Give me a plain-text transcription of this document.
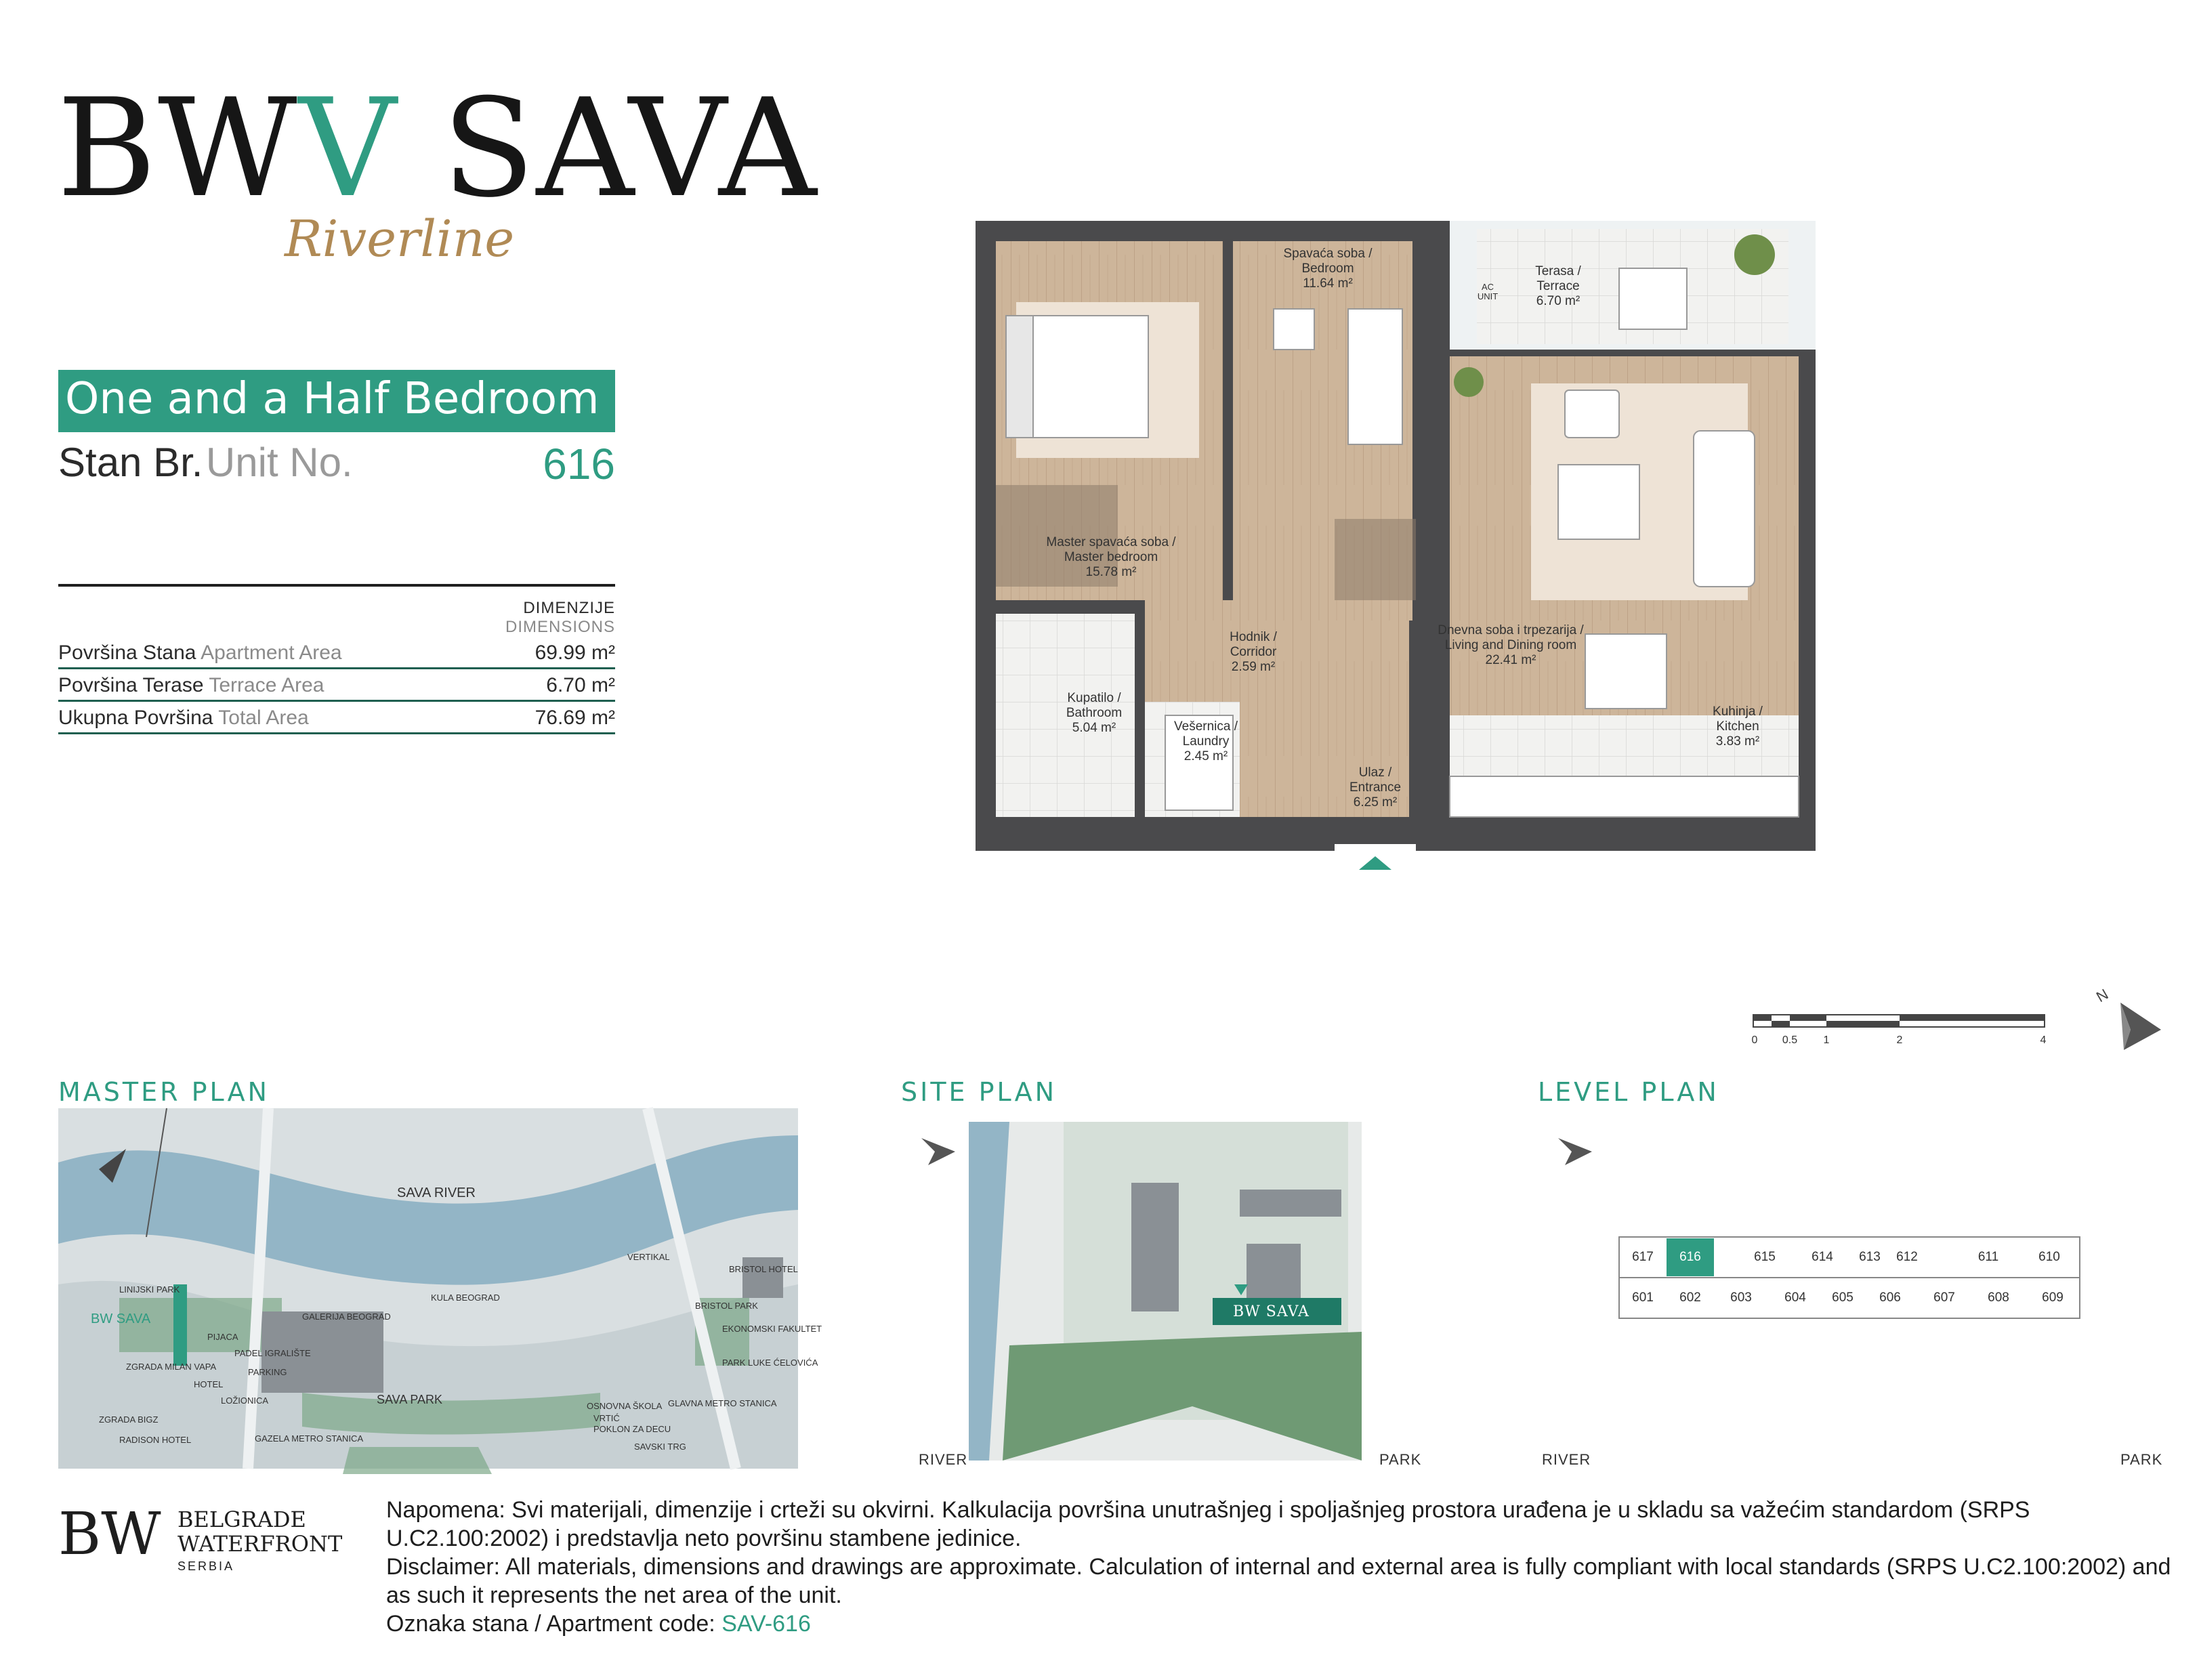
BWV SAVA
Riverline
One and a Half Bedroom
Stan Br. Unit No.	616
DIMENZIJE
DIMENSIONS
Površina Stana Apartment Area	69.99 m²
Površina Terase Terrace Area	6.70 m²
Ukupna Površina Total Area	76.69 m²
Spavaća soba / Bedroom 11.64 m²
Terasa / Terrace 6.70 m²
AC UNIT
Master spavaća soba / Master bedroom 15.78 m²
Hodnik / Corridor 2.59 m²
Dnevna soba i trpezarija / Living and Dining room 22.41 m²
Kupatilo / Bathroom 5.04 m²	Vešernica / Laundry 2.45 m²
Kuhinja / Kitchen 3.83 m²
Ulaz / Entrance 6.25 m²
0 0.5 1	2	4
N
MASTER PLAN
SAVA RIVER
LINIJSKI PARK
BW SAVA	GALERIJA BEOGRAD
KULA BEOGRAD
VERTIKAL
BRISTOL HOTEL
BRISTOL PARK
EKONOMSKI FAKULTET
PARK LUKE ĆELOVIĆA
PIJACA
PADEL IGRALIŠTE
ZGRADA MILAN VAPA
HOTEL
PARKING
LOŽIONICA	SAVA PARK	OSNOVNA ŠKOLA
VRTIĆ
POKLON ZA DECU
GLAVNA METRO STANICA
SAVSKI TRG
ZGRADA BIGZ
RADISON HOTEL	GAZELA METRO STANICA
SITE PLAN
BW SAVA
RIVER	PARK
LEVEL PLAN
617	616	615	614	613	612	611	610
601	602	603	604	605	606	607	608	609
RIVER	PARK
BW BELGRADE
WATERFRONT
SERBIA
Napomena: Svi materijali, dimenzije i crteži su okvirni. Kalkulacija površina unutrašnjeg i spoljašnjeg prostora urađena je u skladu sa važećim standardom (SRPS U.C2.100:2002) i predstavlja neto površinu stambene jedinice.
Disclaimer: All materials, dimensions and drawings are approximate. Calculation of internal and external area is fully compliant with local standards (SRPS U.C2.100:2002) and as such it represents the net area of the unit.
Oznaka stana / Apartment code: SAV-616
